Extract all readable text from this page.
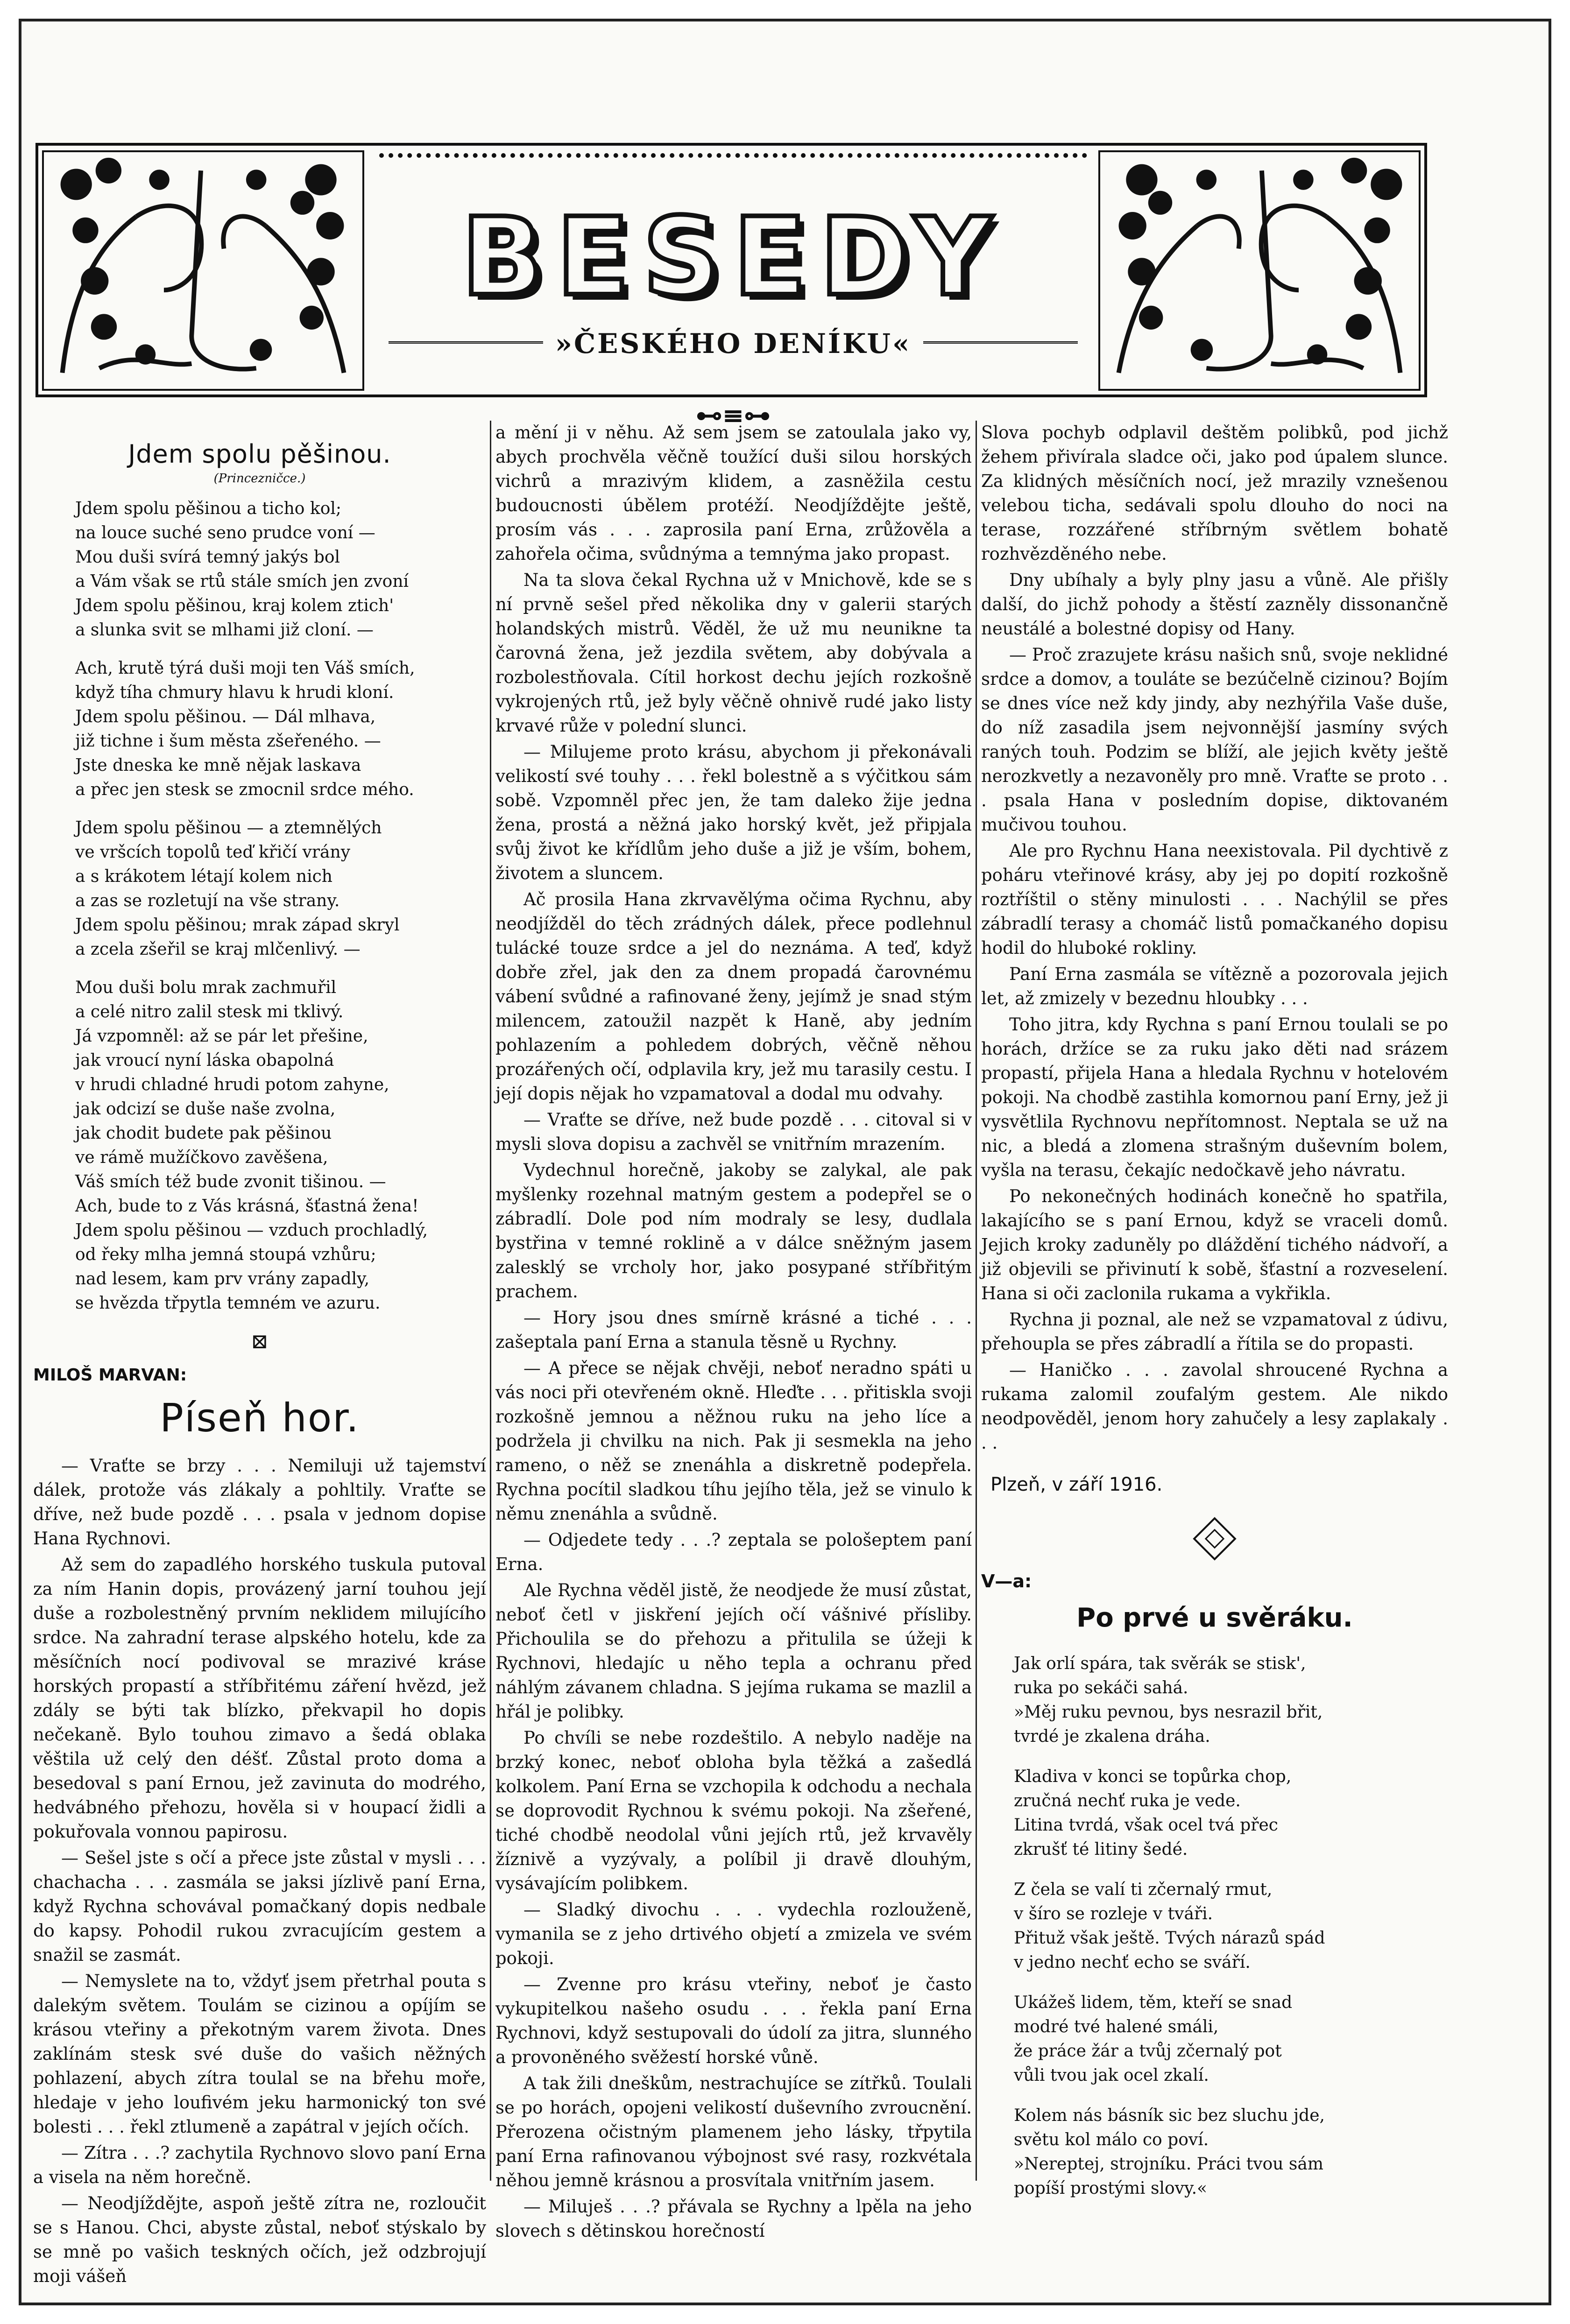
BESEDY
»ČESKÉHO DENÍKU«
⊷≡⊶
Jdem spolu pěšinou.
(Princezničce.)
Jdem spolu pěšinou a ticho kol;
na louce suché seno prudce voní —
Mou duši svírá temný jakýs bol
a Vám však se rtů stále smích jen zvoní
Jdem spolu pěšinou, kraj kolem ztich'
a slunka svit se mlhami již cloní. —
Ach, krutě týrá duši moji ten Váš smích,
když tíha chmury hlavu k hrudi kloní.
Jdem spolu pěšinou. — Dál mlhava,
již tichne i šum města zšeřeného. —
Jste dneska ke mně nějak laskava
a přec jen stesk se zmocnil srdce mého.
Jdem spolu pěšinou — a ztemnělých
ve vršcích topolů teď křičí vrány
a s krákotem létají kolem nich
a zas se rozletují na vše strany.
Jdem spolu pěšinou; mrak západ skryl
a zcela zšeřil se kraj mlčenlivý. —
Mou duši bolu mrak zachmuřil
a celé nitro zalil stesk mi tklivý.
Já vzpomněl: až se pár let přešine,
jak vroucí nyní láska obapolná
v hrudi chladné hrudi potom zahyne,
jak odcizí se duše naše zvolna,
jak chodit budete pak pěšinou
ve rámě mužíčkovo zavěšena,
Váš smích též bude zvonit tišinou. —
Ach, bude to z Vás krásná, šťastná žena!
Jdem spolu pěšinou — vzduch prochladlý,
od řeky mlha jemná stoupá vzhůru;
nad lesem, kam prv vrány zapadly,
se hvězda třpytla temném ve azuru.
⊠
MILOŠ MARVAN:
Píseň hor.

— Vraťte se brzy . . . Nemiluji už tajemství dálek, protože vás zlákaly a pohltily. Vraťte se dříve, než bude pozdě . . . psala v jednom dopise Hana Rychnovi.

Až sem do zapadlého horského tuskula putoval za ním Hanin dopis, provázený jarní touhou její duše a rozbolestněný prvním neklidem milujícího srdce. Na zahradní terase alpského hotelu, kde za měsíčních nocí podivoval se mrazivé kráse horských propastí a stříbřitému záření hvězd, jež zdály se býti tak blízko, překvapil ho dopis nečekaně. Bylo touhou zimavo a šedá oblaka věštila už celý den déšť. Zůstal proto doma a besedoval s paní Ernou, jež zavinuta do modrého, hedvábného přehozu, hověla si v houpací židli a pokuřovala vonnou papirosu.

— Sešel jste s očí a přece jste zůstal v mysli . . . chachacha . . . zasmála se jaksi jízlivě paní Erna, když Rychna schovával pomačkaný dopis nedbale do kapsy. Pohodil rukou zvracujícím gestem a snažil se zasmát.

— Nemyslete na to, vždyť jsem přetrhal pouta s dalekým světem. Toulám se cizinou a opíjím se krásou vteřiny a překotným varem života. Dnes zaklínám stesk své duše do vašich něžných pohlazení, abych zítra toulal se na břehu moře, hledaje v jeho loufivém jeku harmonický ton své bolesti . . . řekl ztlumeně a zapátral v jejích očích.

— Zítra . . .? zachytila Rychnovo slovo paní Erna a visela na něm horečně.

— Neodjíždějte, aspoň ještě zítra ne, rozloučit se s Hanou. Chci, abyste zůstal, neboť stýskalo by se mně po vašich teskných očích, jež odzbrojují moji vášeň

a mění ji v něhu. Až sem jsem se zatoulala jako vy, abych prochvěla věčně toužící duši silou horských vichrů a mrazivým klidem, a zasněžila cestu budoucnosti úbělem protéží. Neodjíždějte ještě, prosím vás . . . zaprosila paní Erna, zrůžověla a zahořela očima, svůdnýma a temnýma jako propast.

Na ta slova čekal Rychna už v Mnichově, kde se s ní prvně sešel před několika dny v galerii starých holandských mistrů. Věděl, že už mu neunikne ta čarovná žena, jež jezdila světem, aby dobývala a rozbolestňovala. Cítil horkost dechu jejích rozkošně vykrojených rtů, jež byly věčně ohnivě rudé jako listy krvavé růže v polední slunci.

— Milujeme proto krásu, abychom ji překonávali velikostí své touhy . . . řekl bolestně a s výčitkou sám sobě. Vzpomněl přec jen, že tam daleko žije jedna žena, prostá a něžná jako horský květ, jež připjala svůj život ke křídlům jeho duše a již je vším, bohem, životem a sluncem.

Ač prosila Hana zkrvavělýma očima Rychnu, aby neodjížděl do těch zrádných dálek, přece podlehnul tulácké touze srdce a jel do neznáma. A teď, když dobře zřel, jak den za dnem propadá čarovnému vábení svůdné a rafinované ženy, jejímž je snad stým milencem, zatoužil nazpět k Haně, aby jedním pohlazením a pohledem dobrých, věčně něhou prozářených očí, odplavila kry, jež mu tarasily cestu. I její dopis nějak ho vzpamatoval a dodal mu odvahy.

— Vraťte se dříve, než bude pozdě . . . citoval si v mysli slova dopisu a zachvěl se vnitřním mrazením.

Vydechnul horečně, jakoby se zalykal, ale pak myšlenky rozehnal matným gestem a podepřel se o zábradlí. Dole pod ním modraly se lesy, dudlala bystřina v temné roklině a v dálce sněžným jasem zalesklý se vrcholy hor, jako posypané stříbřitým prachem.

— Hory jsou dnes smírně krásné a tiché . . . zašeptala paní Erna a stanula těsně u Rychny.

— A přece se nějak chvěji, neboť neradno spáti u vás noci při otevřeném okně. Hleďte . . . přitiskla svoji rozkošně jemnou a něžnou ruku na jeho líce a podržela ji chvilku na nich. Pak ji sesmekla na jeho rameno, o něž se znenáhla a diskretně podepřela. Rychna pocítil sladkou tíhu jejího těla, jež se vinulo k němu znenáhla a svůdně.

— Odjedete tedy . . .? zeptala se pološeptem paní Erna.

Ale Rychna věděl jistě, že neodjede že musí zůstat, neboť četl v jiskření jejích očí vášnivé přísliby. Přichoulila se do přehozu a přitulila se úžeji k Rychnovi, hledajíc u něho tepla a ochranu před náhlým závanem chladna. S jejíma rukama se mazlil a hřál je polibky.

Po chvíli se nebe rozdeštilo. A nebylo naděje na brzký konec, neboť obloha byla těžká a zašedlá kolkolem. Paní Erna se vzchopila k odchodu a nechala se doprovodit Rychnou k svému pokoji. Na zšeřené, tiché chodbě neodolal vůni jejích rtů, jež krvavěly žíznivě a vyzývaly, a políbil ji dravě dlouhým, vysávajícím polibkem.

— Sladký divochu . . . vydechla rozlouženě, vymanila se z jeho drtivého objetí a zmizela ve svém pokoji.

— Zvenne pro krásu vteřiny, neboť je často vykupitelkou našeho osudu . . . řekla paní Erna Rychnovi, když sestupovali do údolí za jitra, slunného a provoněného svěžestí horské vůně.

A tak žili dneškům, nestrachujíce se zítřků. Toulali se po horách, opojeni velikostí duševního zvroucnění. Přerozena očistným plamenem jeho lásky, třpytila paní Erna rafinovanou výbojnost své rasy, rozkvétala něhou jemně krásnou a prosvítala vnitřním jasem.

— Miluješ . . .? přávala se Rychny a lpěla na jeho slovech s dětinskou horečností

Slova pochyb odplavil deštěm polibků, pod jichž žehem přivírala sladce oči, jako pod úpalem slunce. Za klidných měsíčních nocí, jež mrazily vznešenou velebou ticha, sedávali spolu dlouho do noci na terase, rozzářené stříbrným světlem bohatě rozhvězděného nebe.

Dny ubíhaly a byly plny jasu a vůně. Ale přišly další, do jichž pohody a štěstí zazněly dissonančně neustálé a bolestné dopisy od Hany.

— Proč zrazujete krásu našich snů, svoje neklidné srdce a domov, a touláte se bezúčelně cizinou? Bojím se dnes více než kdy jindy, aby nezhýřila Vaše duše, do níž zasadila jsem nejvonnější jasmíny svých raných touh. Podzim se blíží, ale jejich květy ještě nerozkvetly a nezavoněly pro mně. Vraťte se proto . . . psala Hana v posledním dopise, diktovaném mučivou touhou.

Ale pro Rychnu Hana neexistovala. Pil dychtivě z poháru vteřinové krásy, aby jej po dopití rozkošně roztříštil o stěny minulosti . . . Nachýlil se přes zábradlí terasy a chomáč listů pomačkaného dopisu hodil do hluboké rokliny.

Paní Erna zasmála se vítězně a pozorovala jejich let, až zmizely v bezednu hloubky . . .

Toho jitra, kdy Rychna s paní Ernou toulali se po horách, držíce se za ruku jako děti nad srázem propastí, přijela Hana a hledala Rychnu v hotelovém pokoji. Na chodbě zastihla komornou paní Erny, jež ji vysvětlila Rychnovu nepřítomnost. Neptala se už na nic, a bledá a zlomena strašným duševním bolem, vyšla na terasu, čekajíc nedočkavě jeho návratu.

Po nekonečných hodinách konečně ho spatřila, lakajícího se s paní Ernou, když se vraceli domů. Jejich kroky zaduněly po dláždění tichého nádvoří, a již objevili se přivinutí k sobě, šťastní a rozveselení. Hana si oči zaclonila rukama a vykřikla.

Rychna ji poznal, ale než se vzpamatoval z údivu, přehoupla se přes zábradlí a řítila se do propasti.

— Haničko . . . zavolal shroucené Rychna a rukama zalomil zoufalým gestem. Ale nikdo neodpověděl, jenom hory zahučely a lesy zaplakaly . . .

Plzeň, v září 1916.
V—a:
Po prvé u svěráku.
Jak orlí spára, tak svěrák se stisk',
ruka po sekáči sahá.
»Měj ruku pevnou, bys nesrazil břit,
tvrdé je zkalena dráha.
Kladiva v konci se topůrka chop,
zručná nechť ruka je vede.
Litina tvrdá, však ocel tvá přec
zkrušť té litiny šedé.
Z čela se valí ti zčernalý rmut,
v šíro se rozleje v tváři.
Přituž však ještě. Tvých nárazů spád
v jedno nechť echo se sváří.
Ukážeš lidem, těm, kteří se snad
modré tvé halené smáli,
že práce žár a tvůj zčernalý pot
vůli tvou jak ocel zkalí.
Kolem nás básník sic bez sluchu jde,
světu kol málo co poví.
»Nereptej, strojníku. Práci tvou sám
popíší prostými slovy.«
